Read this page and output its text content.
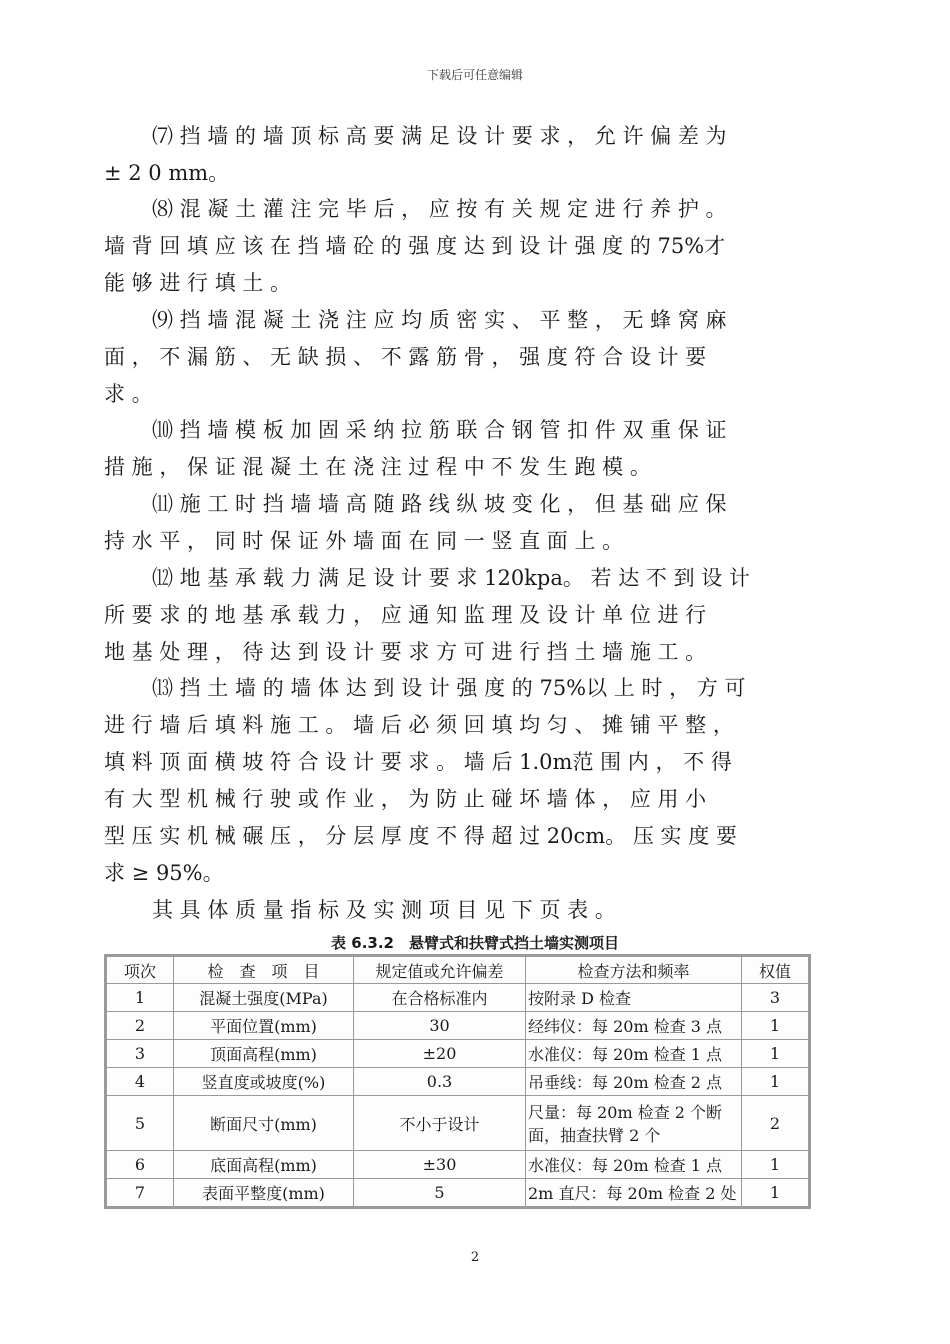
下载后可任意编辑
⑺ 挡 墙 的 墙 顶 标 高 要 满 足 设 计 要 求 ， 允 许 偏 差 为
± 2 0 mm。
⑻ 混 凝 土 灌 注 完 毕 后 ， 应 按 有 关 规 定 进 行 养 护 。
墙 背 回 填 应 该 在 挡 墙 砼 的 强 度 达 到 设 计 强 度 的 75%才
能 够 进 行 填 土 。
⑼ 挡 墙 混 凝 土 浇 注 应 均 质 密 实 、 平 整 ， 无 蜂 窝 麻
面 ， 不 漏 筋 、 无 缺 损 、 不 露 筋 骨 ， 强 度 符 合 设 计 要
求 。
⑽ 挡 墙 模 板 加 固 采 纳 拉 筋 联 合 钢 管 扣 件 双 重 保 证
措 施 ， 保 证 混 凝 土 在 浇 注 过 程 中 不 发 生 跑 模 。
⑾ 施 工 时 挡 墙 墙 高 随 路 线 纵 坡 变 化 ， 但 基 础 应 保
持 水 平 ， 同 时 保 证 外 墙 面 在 同 一 竖 直 面 上 。
⑿ 地 基 承 载 力 满 足 设 计 要 求 120kpa。 若 达 不 到 设 计
所 要 求 的 地 基 承 载 力 ， 应 通 知 监 理 及 设 计 单 位 进 行
地 基 处 理 ， 待 达 到 设 计 要 求 方 可 进 行 挡 土 墙 施 工 。
⒀ 挡 土 墙 的 墙 体 达 到 设 计 强 度 的 75%以 上 时 ， 方 可
进 行 墙 后 填 料 施 工 。 墙 后 必 须 回 填 均 匀 、 摊 铺 平 整 ，
填 料 顶 面 横 坡 符 合 设 计 要 求 。 墙 后 1.0m范 围 内 ， 不 得
有 大 型 机 械 行 驶 或 作 业 ， 为 防 止 碰 坏 墙 体 ， 应 用 小
型 压 实 机 械 碾 压 ， 分 层 厚 度 不 得 超 过 20cm。 压 实 度 要
求 ≥ 95%。
其 具 体 质 量 指 标 及 实 测 项 目 见 下 页 表 。
表 6.3.2　悬臂式和扶臂式挡土墙实测项目
项次	检　查　项　目	规定值或允许偏差	检查方法和频率	权值
1	混凝土强度(MPa)	在合格标准内	按附录 D 检查	3
2	平面位置(mm)	30	经纬仪：每 20m 检查 3 点	1
3	顶面高程(mm)	±20	水准仪：每 20m 检查 1 点	1
4	竖直度或坡度(%)	0.3	吊垂线：每 20m 检查 2 点	1
5	断面尺寸(mm)	不小于设计	尺量：每 20m 检查 2 个断面，抽查扶臂 2 个	2
6	底面高程(mm)	±30	水准仪：每 20m 检查 1 点	1
7	表面平整度(mm)	5	2m 直尺：每 20m 检查 2 处	1
2
